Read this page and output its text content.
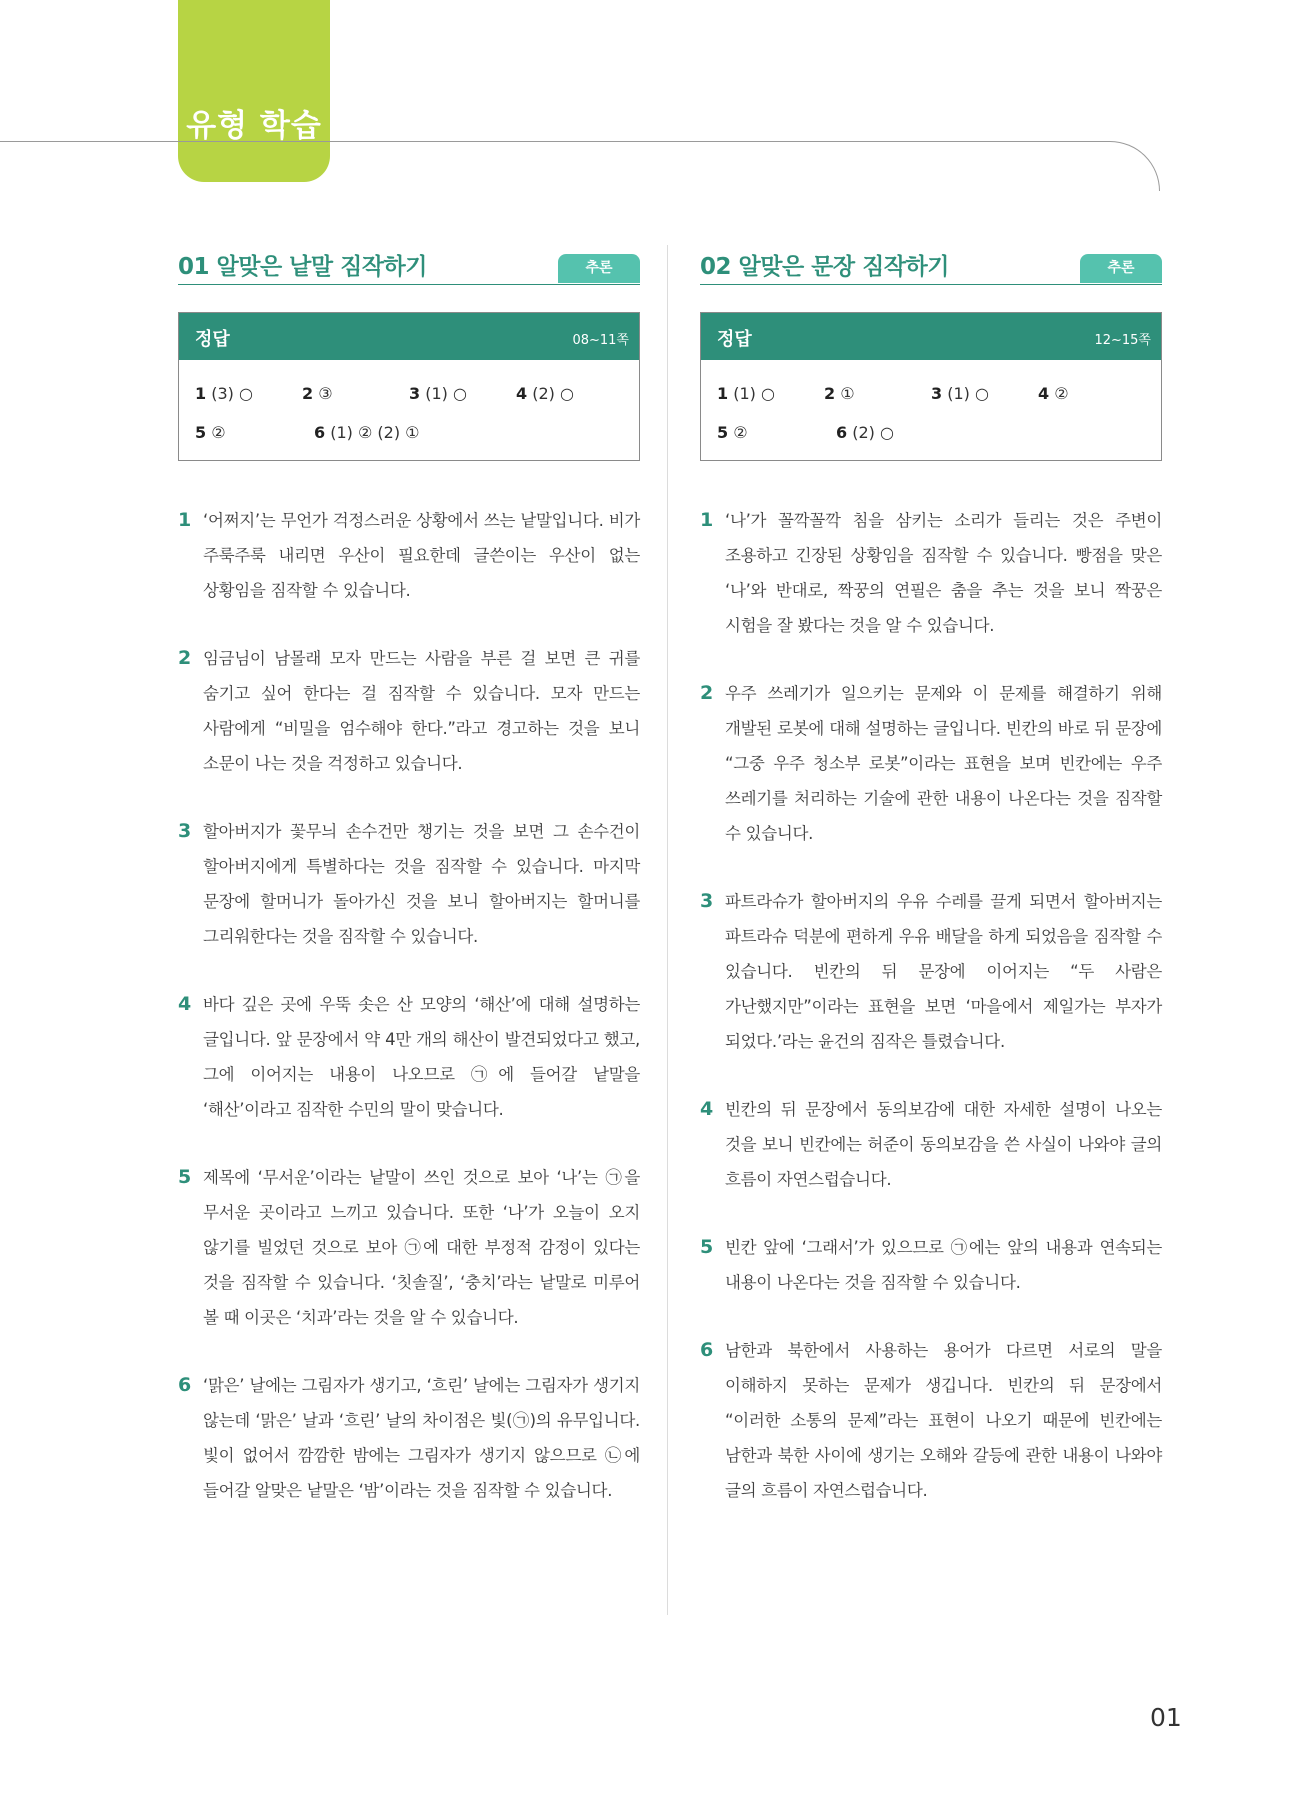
유형 학습
01 알맞은 낱말 짐작하기	추론
정답	08~11쪽
1 (3) ○	2 ③	3 (1) ○	4 (2) ○
5 ②	6 (1) ② (2) ①
1 ‘어쩌지’는 무언가 걱정스러운 상황에서 쓰는 낱말입니다. 비가 주룩주룩 내리면 우산이 필요한데 글쓴이는 우산이 없는 상황임을 짐작할 수 있습니다.
2 임금님이 남몰래 모자 만드는 사람을 부른 걸 보면 큰 귀를 숨기고 싶어 한다는 걸 짐작할 수 있습니다. 모자 만드는 사람에게 “비밀을 엄수해야 한다.”라고 경고하는 것을 보니 소문이 나는 것을 걱정하고 있습니다.
3 할아버지가 꽃무늬 손수건만 챙기는 것을 보면 그 손수건이 할아버지에게 특별하다는 것을 짐작할 수 있습니다. 마지막 문장에 할머니가 돌아가신 것을 보니 할아버지는 할머니를 그리워한다는 것을 짐작할 수 있습니다.
4 바다 깊은 곳에 우뚝 솟은 산 모양의 ‘해산’에 대해 설명하는 글입니다. 앞 문장에서 약 4만 개의 해산이 발견되었다고 했고, 그에 이어지는 내용이 나오므로 ㉠에 들어갈 낱말을 ‘해산’이라고 짐작한 수민의 말이 맞습니다.
5 제목에 ‘무서운’이라는 낱말이 쓰인 것으로 보아 ‘나’는 ㉠을 무서운 곳이라고 느끼고 있습니다. 또한 ‘나’가 오늘이 오지 않기를 빌었던 것으로 보아 ㉠에 대한 부정적 감정이 있다는 것을 짐작할 수 있습니다. ‘칫솔질’, ‘충치’라는 낱말로 미루어 볼 때 이곳은 ‘치과’라는 것을 알 수 있습니다.
6 ‘맑은’ 날에는 그림자가 생기고, ‘흐린’ 날에는 그림자가 생기지 않는데 ‘맑은’ 날과 ‘흐린’ 날의 차이점은 빛(㉠)의 유무입니다. 빛이 없어서 깜깜한 밤에는 그림자가 생기지 않으므로 ㉡에 들어갈 알맞은 낱말은 ‘밤’이라는 것을 짐작할 수 있습니다.
02 알맞은 문장 짐작하기	추론
정답	12~15쪽
1 (1) ○	2 ①	3 (1) ○	4 ②
5 ②	6 (2) ○
1 ‘나’가 꼴깍꼴깍 침을 삼키는 소리가 들리는 것은 주변이 조용하고 긴장된 상황임을 짐작할 수 있습니다. 빵점을 맞은 ‘나’와 반대로, 짝꿍의 연필은 춤을 추는 것을 보니 짝꿍은 시험을 잘 봤다는 것을 알 수 있습니다.
2 우주 쓰레기가 일으키는 문제와 이 문제를 해결하기 위해 개발된 로봇에 대해 설명하는 글입니다. 빈칸의 바로 뒤 문장에 “그중 우주 청소부 로봇”이라는 표현을 보며 빈칸에는 우주 쓰레기를 처리하는 기술에 관한 내용이 나온다는 것을 짐작할 수 있습니다.
3 파트라슈가 할아버지의 우유 수레를 끌게 되면서 할아버지는 파트라슈 덕분에 편하게 우유 배달을 하게 되었음을 짐작할 수 있습니다. 빈칸의 뒤 문장에 이어지는 “두 사람은 가난했지만”이라는 표현을 보면 ‘마을에서 제일가는 부자가 되었다.’라는 윤건의 짐작은 틀렸습니다.
4 빈칸의 뒤 문장에서 동의보감에 대한 자세한 설명이 나오는 것을 보니 빈칸에는 허준이 동의보감을 쓴 사실이 나와야 글의 흐름이 자연스럽습니다.
5 빈칸 앞에 ‘그래서’가 있으므로 ㉠에는 앞의 내용과 연속되는 내용이 나온다는 것을 짐작할 수 있습니다.
6 남한과 북한에서 사용하는 용어가 다르면 서로의 말을 이해하지 못하는 문제가 생깁니다. 빈칸의 뒤 문장에서 “이러한 소통의 문제”라는 표현이 나오기 때문에 빈칸에는 남한과 북한 사이에 생기는 오해와 갈등에 관한 내용이 나와야 글의 흐름이 자연스럽습니다.
01
